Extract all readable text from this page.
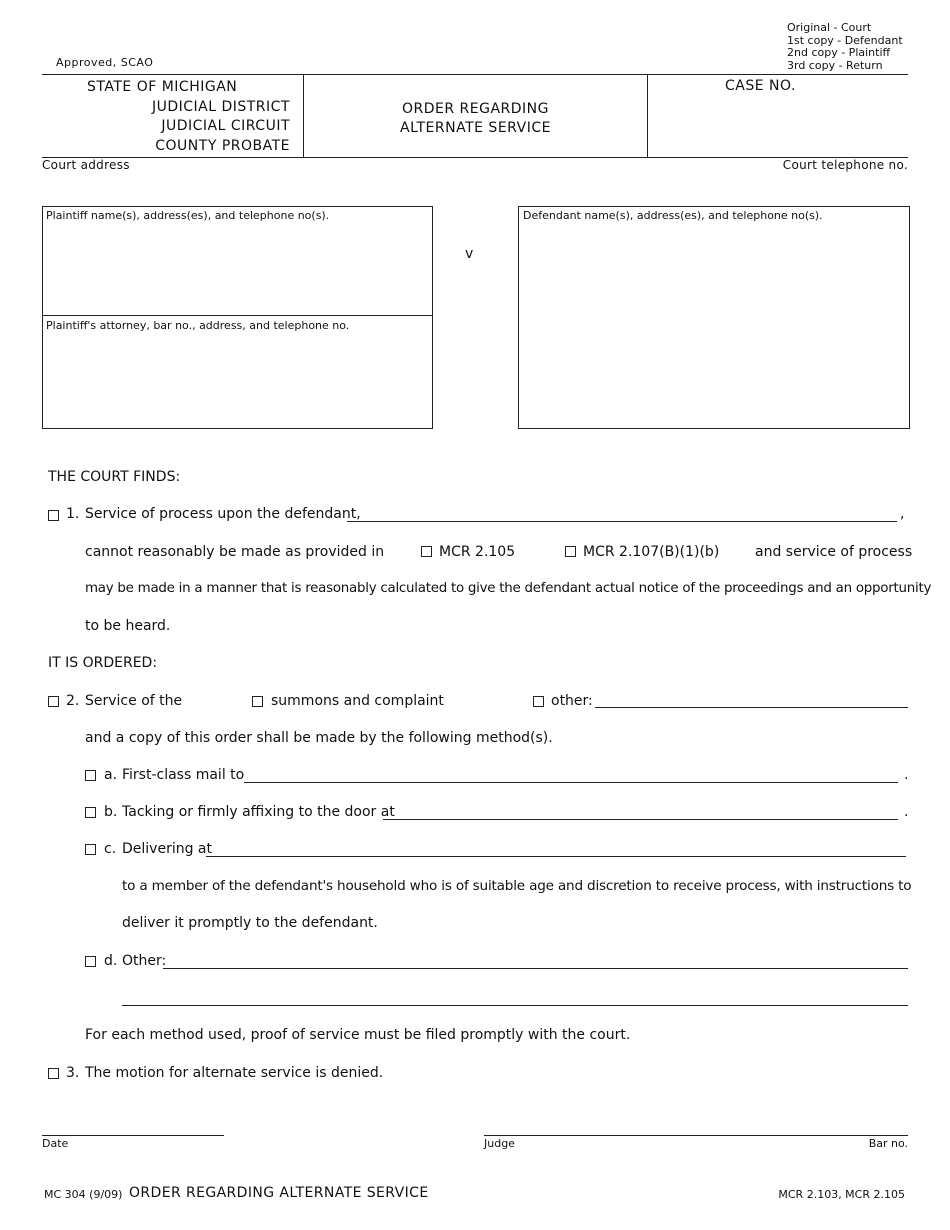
Original - Court
1st copy - Defendant
2nd copy - Plaintiff
3rd copy - Return
Approved, SCAO
STATE OF MICHIGAN
JUDICIAL DISTRICT
JUDICIAL CIRCUIT
COUNTY PROBATE
ORDER REGARDING
ALTERNATE SERVICE
CASE NO.
Court address	Court telephone no.
Plaintiff name(s), address(es), and telephone no(s).
Plaintiff's attorney, bar no., address, and telephone no.
v
Defendant name(s), address(es), and telephone no(s).
THE COURT FINDS:
1. Service of process upon the defendant,	,
cannot reasonably be made as provided in	MCR 2.105	MCR 2.107(B)(1)(b)	and service of process
may be made in a manner that is reasonably calculated to give the defendant actual notice of the proceedings and an opportunity
to be heard.
IT IS ORDERED:
2. Service of the	summons and complaint	other:
and a copy of this order shall be made by the following method(s).
a. First-class mail to	.
b. Tacking or firmly affixing to the door at	.
c. Delivering at
to a member of the defendant's household who is of suitable age and discretion to receive process, with instructions to
deliver it promptly to the defendant.
d. Other:
For each method used, proof of service must be filed promptly with the court.
3. The motion for alternate service is denied.
Date	Judge	Bar no.
MC 304 (9/09) ORDER REGARDING ALTERNATE SERVICE	MCR 2.103, MCR 2.105
